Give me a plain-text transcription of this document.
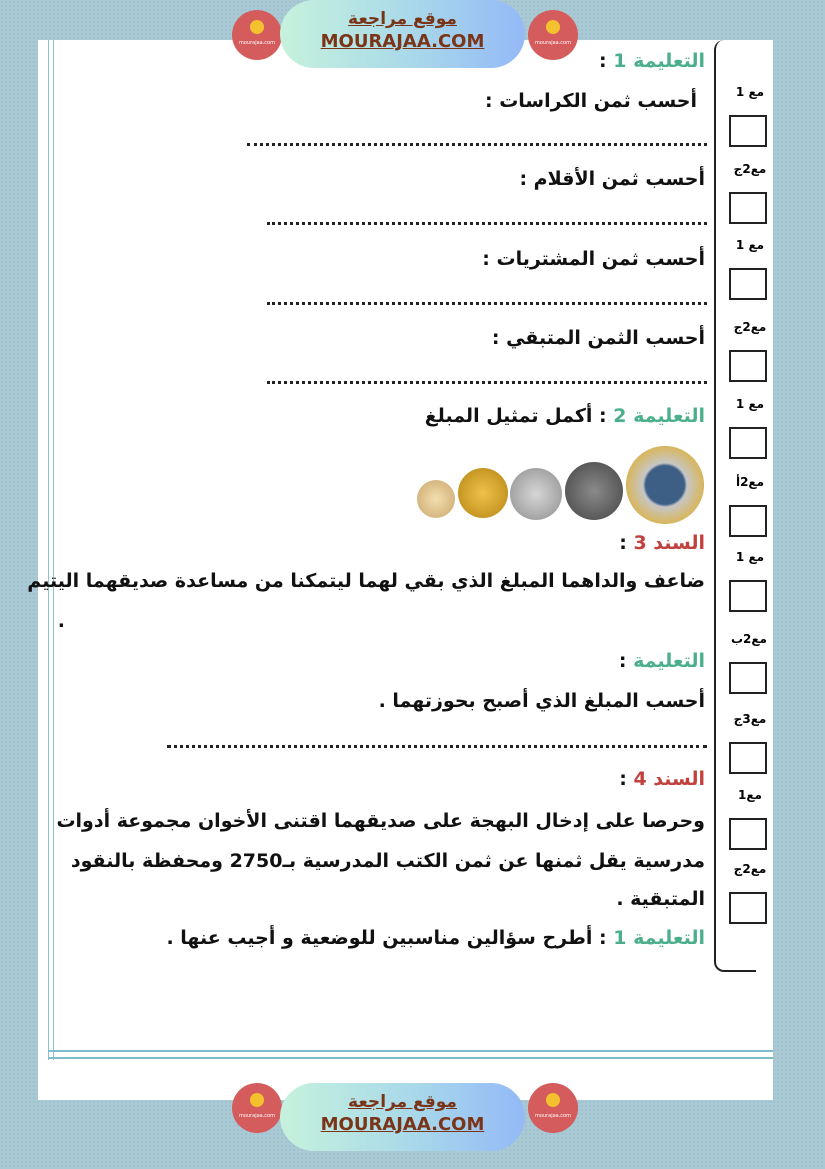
mourajaa.com
موقع مراجعة
MOURAJAA.COM
mourajaa.com
mourajaa.com
موقع مراجعة
MOURAJAA.COM
mourajaa.com
التعليمة 1 :
أحسب ثمن الكراسات :
أحسب ثمن الأقلام :
أحسب ثمن المشتريات :
أحسب الثمن المتبقي :
التعليمة 2 : أكمل تمثيل المبلغ
السند 3 :
ضاعف والداهما المبلغ الذي بقي لهما ليتمكنا من مساعدة صديقهما اليتيم
.
التعليمة :
أحسب المبلغ الذي أصبح بحوزتهما .
السند 4 :
وحرصا على إدخال البهجة على صديقهما اقتنى الأخوان مجموعة أدوات
مدرسية يقل ثمنها عن ثمن الكتب المدرسية بـ2750 ومحفظة بالنقود
المتبقية .
التعليمة 1 : أطرح سؤالين مناسبين للوضعية و أجيب عنها .
مع 1
مع2ج
مع 1
مع2ج
مع 1
مع2أ
مع 1
مع2ب
مع3ج
مع1
مع2ج
